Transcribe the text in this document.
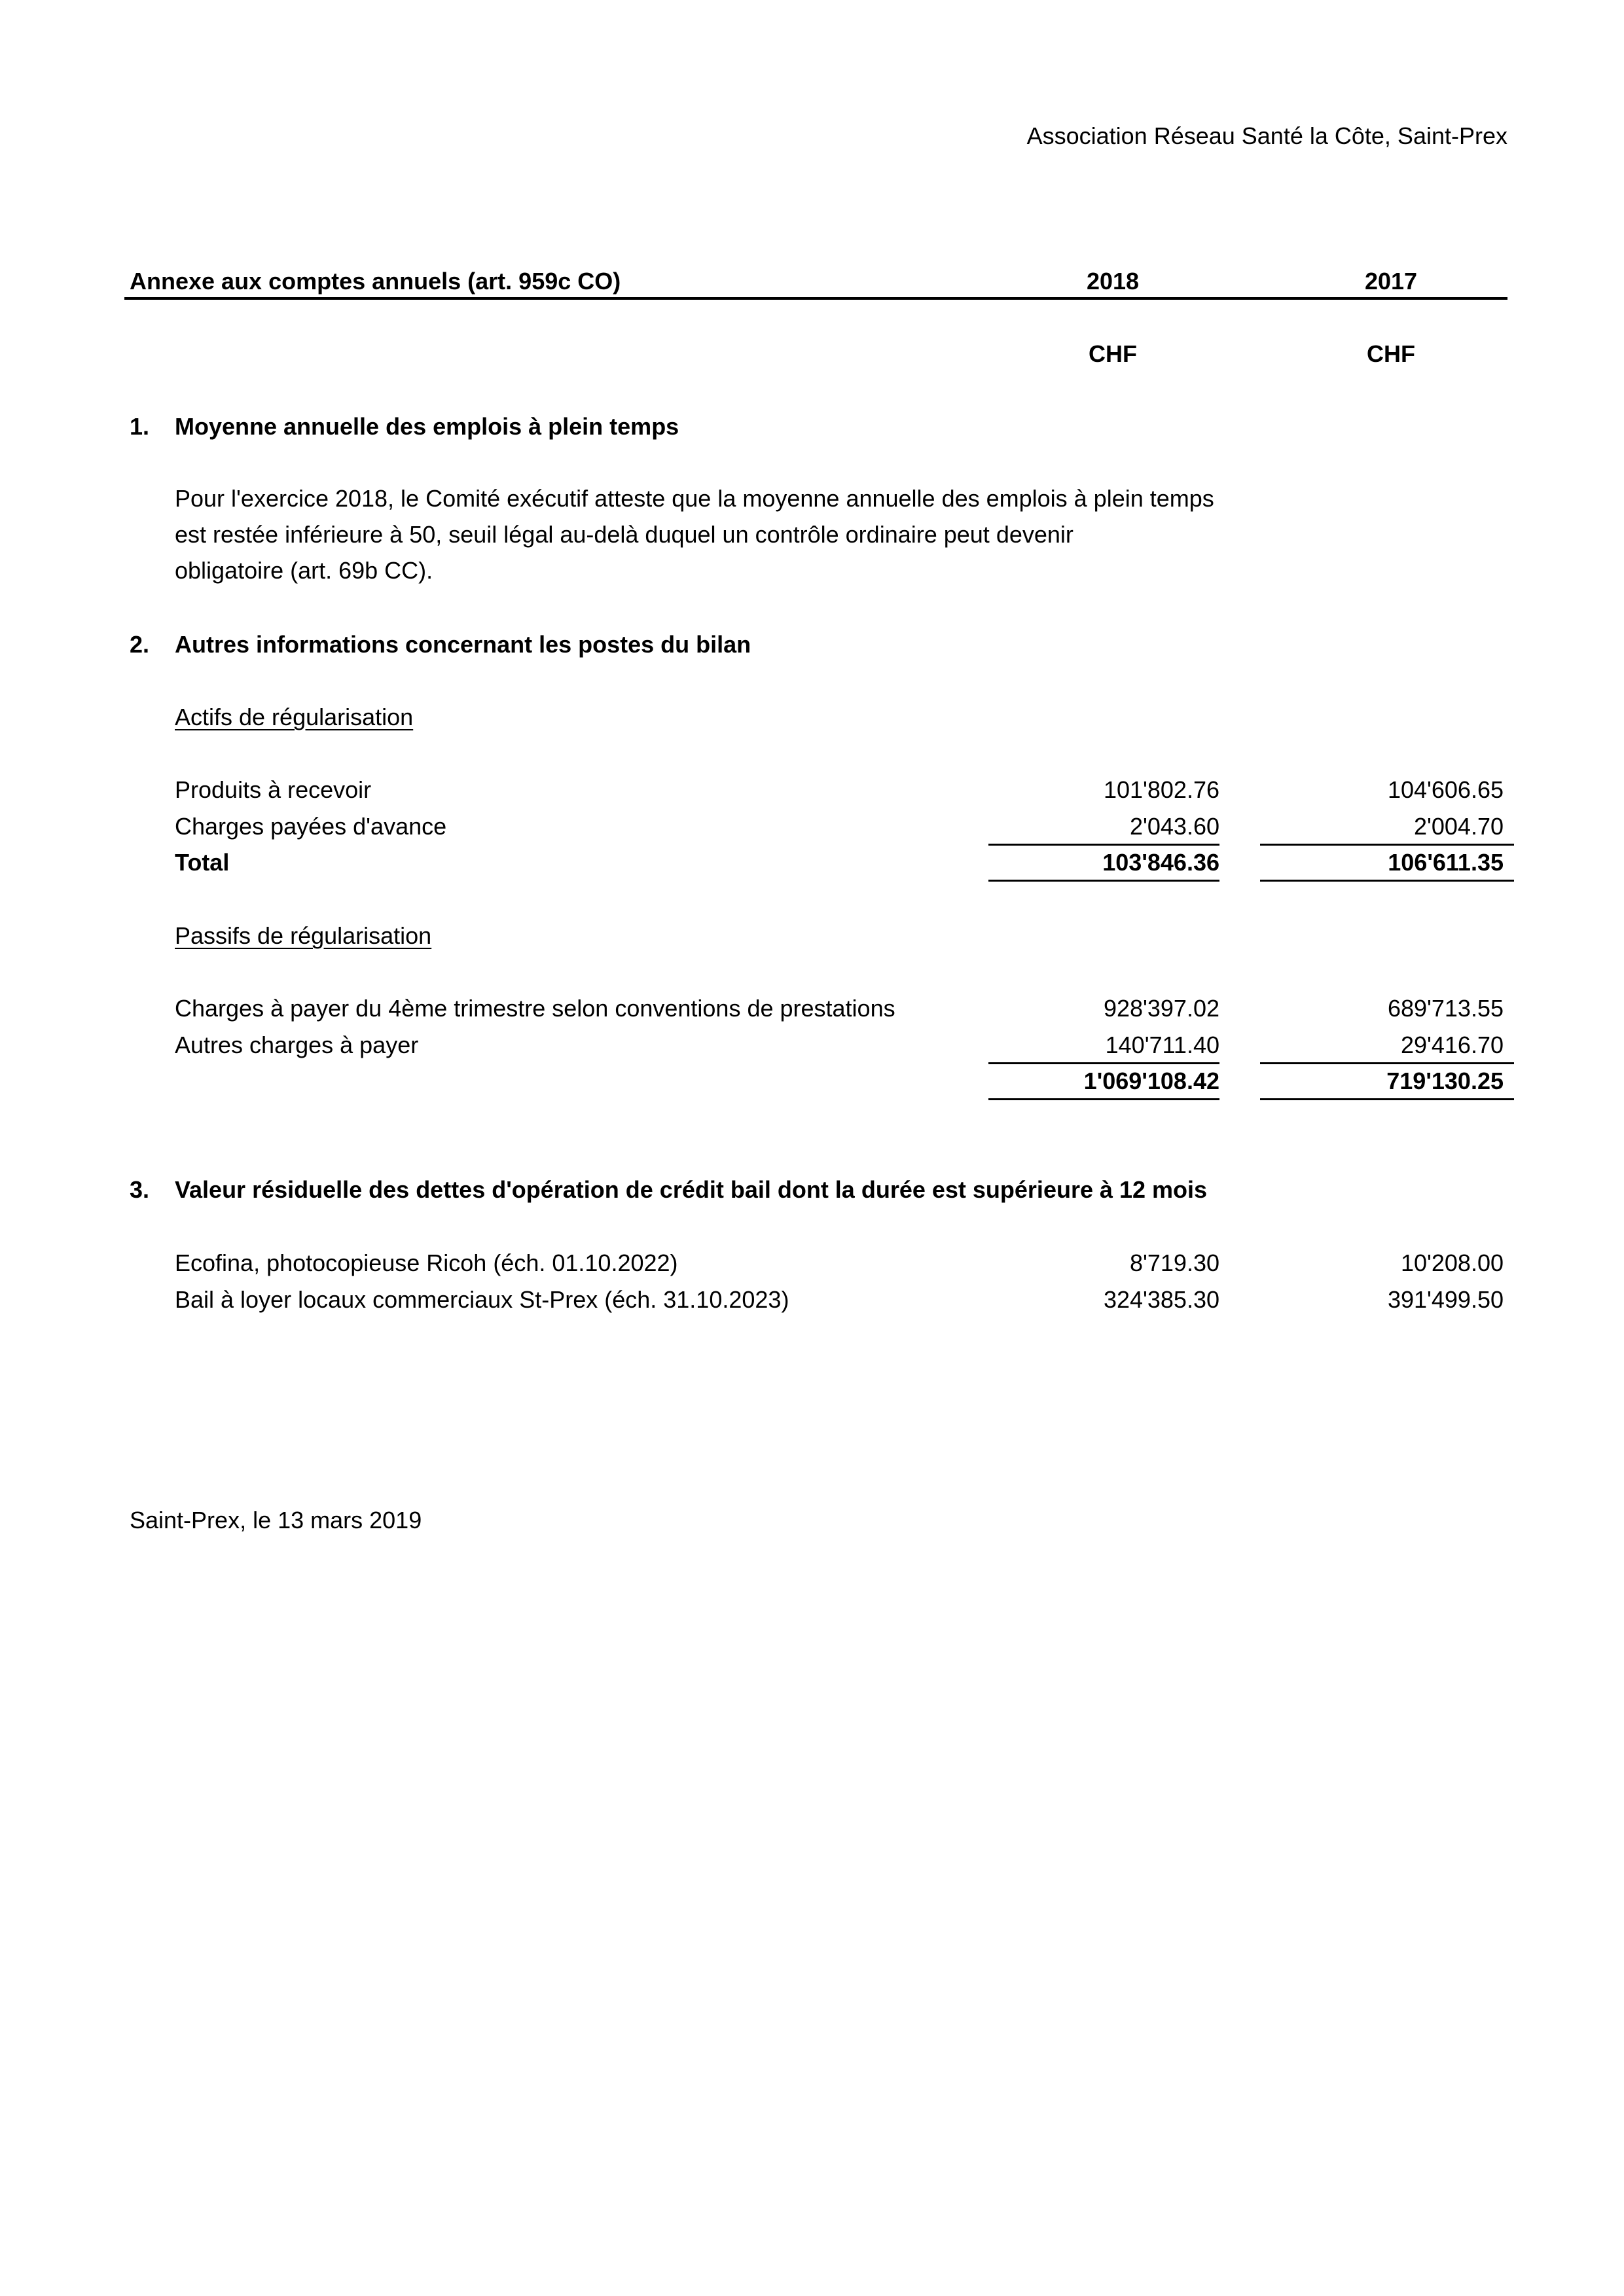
Association Réseau Santé la Côte, Saint-Prex
Annexe aux comptes annuels (art. 959c CO)	2018	2017
CHF	CHF
1. Moyenne annuelle des emplois à plein temps
Pour l'exercice 2018, le Comité exécutif atteste que la moyenne annuelle des emplois à plein temps
est restée inférieure à 50, seuil légal au-delà duquel un contrôle ordinaire peut devenir
obligatoire (art. 69b CC).
2. Autres informations concernant les postes du bilan
Actifs de régularisation
Produits à recevoir	101'802.76	104'606.65
Charges payées d'avance	2'043.60	2'004.70
Total	103'846.36	106'611.35
Passifs de régularisation
Charges à payer du 4ème trimestre selon conventions de prestations	928'397.02	689'713.55
Autres charges à payer	140'711.40	29'416.70
1'069'108.42	719'130.25
3. Valeur résiduelle des dettes d'opération de crédit bail dont la durée est supérieure à 12 mois
Ecofina, photocopieuse Ricoh (éch. 01.10.2022)	8'719.30	10'208.00
Bail à loyer locaux commerciaux St-Prex (éch. 31.10.2023)	324'385.30	391'499.50
Saint-Prex, le 13 mars 2019
